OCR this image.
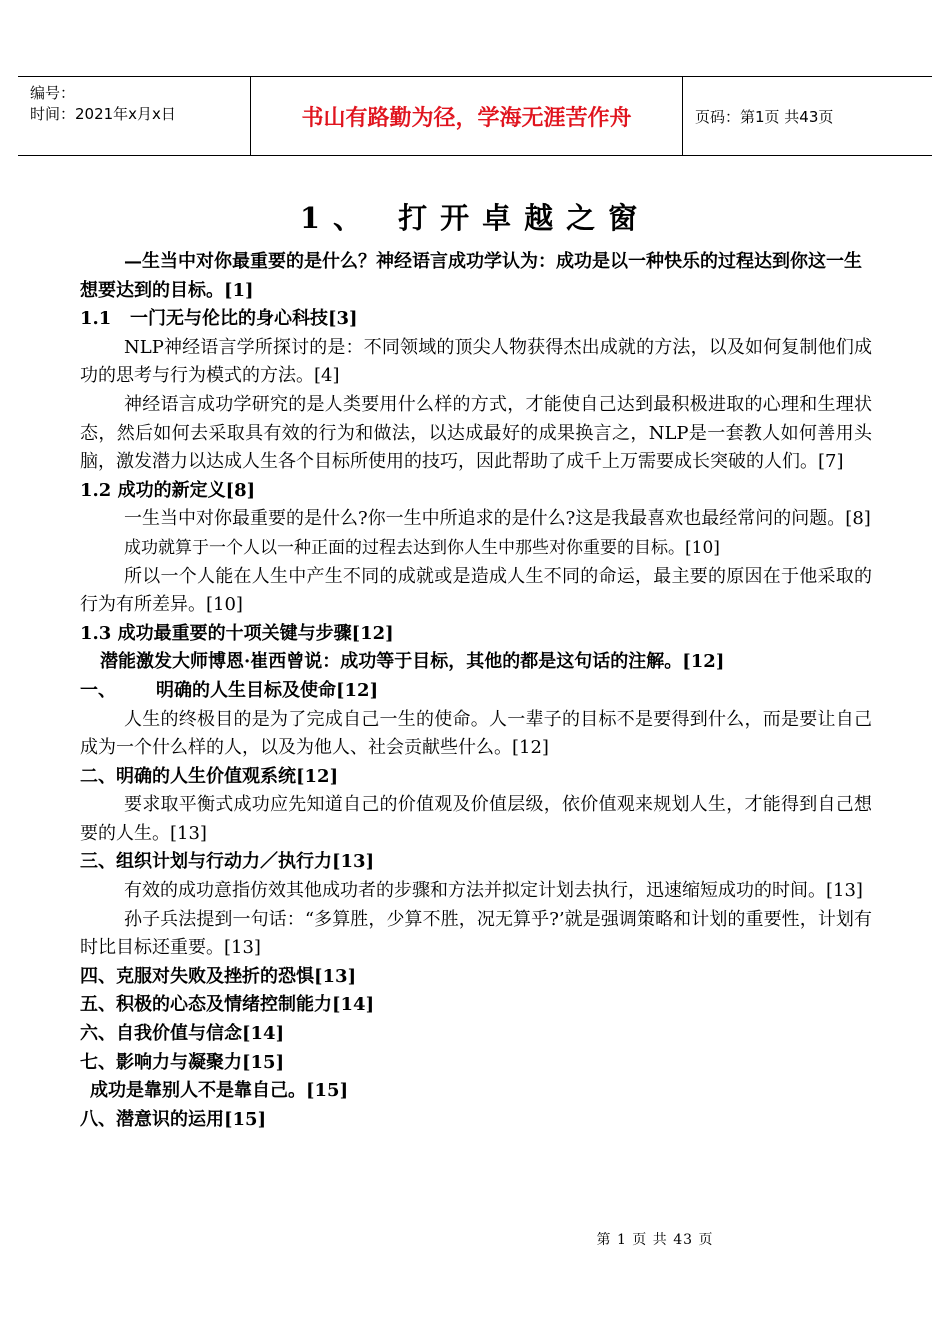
编号：
时间：2021年x月x日	书山有路勤为径，学海无涯苦作舟	页码：第1页 共43页
1、 打开卓越之窗

—生当中对你最重要的是什么？神经语言成功学认为：成功是以一种快乐的过程达到你这一生想要达到的目标。[1]

1.1 一门无与伦比的身心科技[3]

NLP神经语言学所探讨的是：不同领域的顶尖人物获得杰出成就的方法，以及如何复制他们成功的思考与行为模式的方法。[4]

神经语言成功学研究的是人类要用什么样的方式，才能使自己达到最积极进取的心理和生理状态，然后如何去采取具有效的行为和做法，以达成最好的成果换言之，NLP是一套教人如何善用头脑，激发潜力以达成人生各个目标所使用的技巧，因此帮助了成千上万需要成长突破的人们。[7]

1.2 成功的新定义[8]

一生当中对你最重要的是什么?你一生中所追求的是什么?这是我最喜欢也最经常问的问题。[8]

成功就算于一个人以一种正面的过程去达到你人生中那些对你重要的目标。[10]

所以一个人能在人生中产生不同的成就或是造成人生不同的命运，最主要的原因在于他采取的行为有所差异。[10]

1.3 成功最重要的十项关键与步骤[12]

潜能激发大师博恩·崔西曾说：成功等于目标，其他的都是这句话的注解。[12]

一、 明确的人生目标及使命[12]

人生的终极目的是为了完成自己一生的使命。人一辈子的目标不是要得到什么，而是要让自己成为一个什么样的人，以及为他人、社会贡献些什么。[12]

二、明确的人生价值观系统[12]

要求取平衡式成功应先知道自己的价值观及价值层级，依价值观来规划人生，才能得到自己想要的人生。[13]

三、组织计划与行动力／执行力[13]

有效的成功意指仿效其他成功者的步骤和方法并拟定计划去执行，迅速缩短成功的时间。[13]

孙子兵法提到一句话：“多算胜，少算不胜，况无算乎?’就是强调策略和计划的重要性，计划有时比目标还重要。[13]

四、克服对失败及挫折的恐惧[13]

五、积极的心态及情绪控制能力[14]

六、自我价值与信念[14]

七、影响力与凝聚力[15]

成功是靠别人不是靠自己。[15]

八、潜意识的运用[15]

第 1 页 共 43 页
